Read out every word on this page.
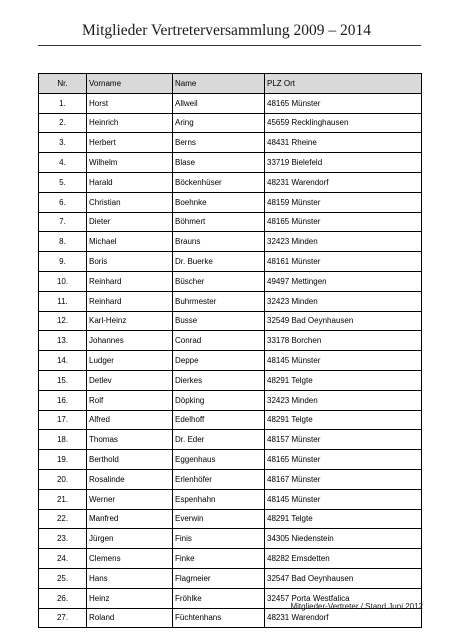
Mitglieder Vertreterversammlung 2009 – 2014
Nr.	Vorname	Name	PLZ Ort
1.	Horst	Allweil	48165 Münster
2.	Heinrich	Aring	45659 Recklinghausen
3.	Herbert	Berns	48431 Rheine
4.	Wilhelm	Blase	33719 Bielefeld
5.	Harald	Böckenhüser	48231 Warendorf
6.	Christian	Boehnke	48159 Münster
7.	Dieter	Böhmert	48165 Münster
8.	Michael	Brauns	32423 Minden
9.	Boris	Dr. Buerke	48161 Münster
10.	Reinhard	Büscher	49497 Mettingen
11.	Reinhard	Buhrmester	32423 Minden
12.	Karl-Heinz	Busse	32549 Bad Oeynhausen
13.	Johannes	Conrad	33178 Borchen
14.	Ludger	Deppe	48145 Münster
15.	Detlev	Dierkes	48291 Telgte
16.	Rolf	Döpking	32423 Minden
17.	Alfred	Edelhoff	48291 Telgte
18.	Thomas	Dr. Eder	48157 Münster
19.	Berthold	Eggenhaus	48165 Münster
20.	Rosalinde	Erlenhöfer	48167 Münster
21.	Werner	Espenhahn	48145 Münster
22.	Manfred	Everwin	48291 Telgte
23.	Jürgen	Finis	34305 Niedenstein
24.	Clemens	Finke	48282 Emsdetten
25.	Hans	Flagmeier	32547 Bad Oeynhausen
26.	Heinz	Fröhlke	32457 Porta Westfalica
27.	Roland	Füchtenhans	48231 Warendorf
Mitglieder-Vertreter / Stand Juni 2012
